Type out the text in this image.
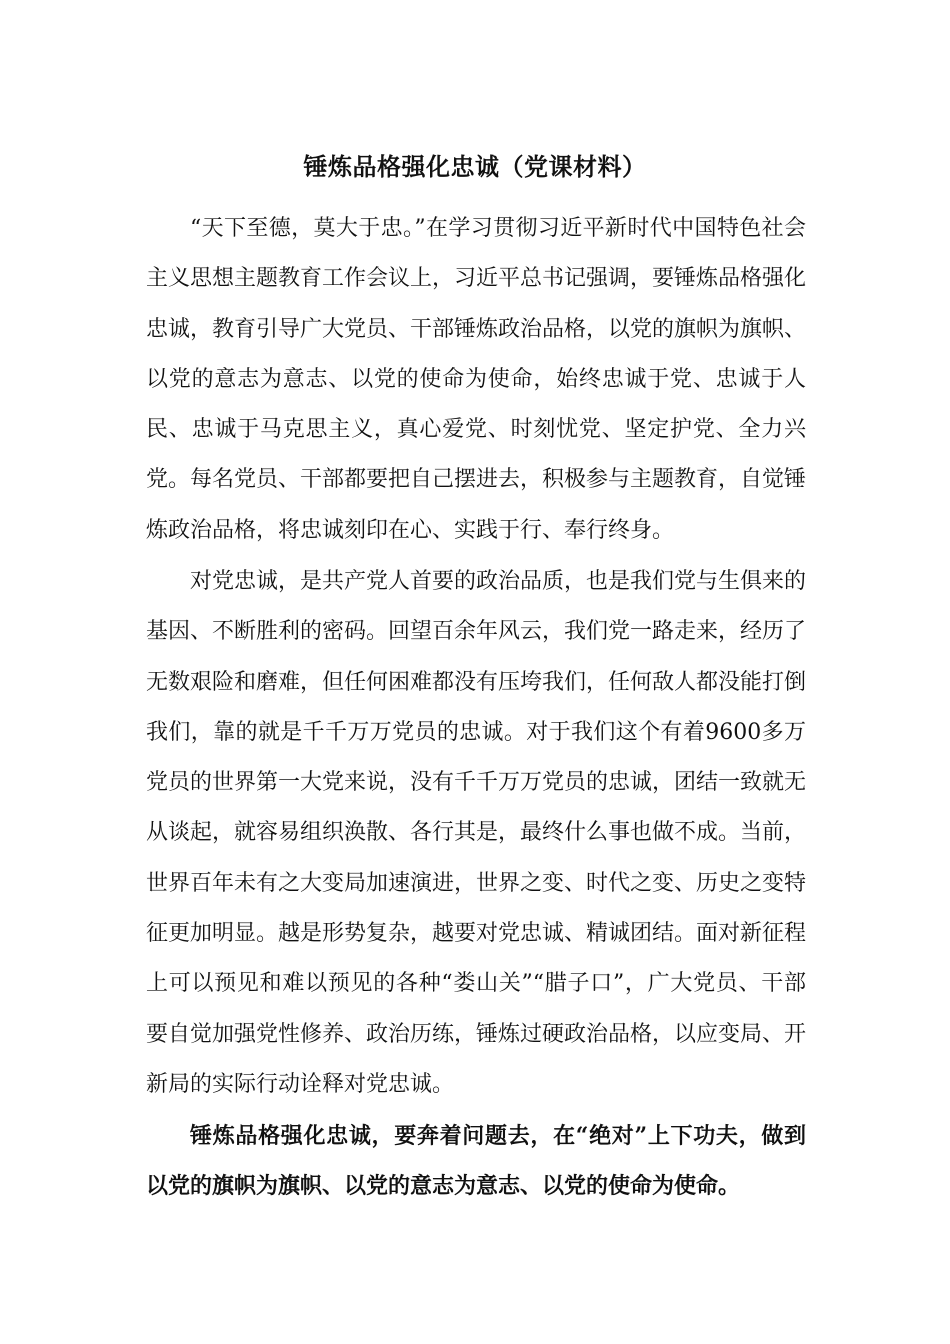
锤炼品格强化忠诚（党课材料）

“天下至德，莫大于忠。”在学习贯彻习近平新时代中国特色社会主义思想主题教育工作会议上，习近平总书记强调，要锤炼品格强化忠诚，教育引导广大党员、干部锤炼政治品格，以党的旗帜为旗帜、以党的意志为意志、以党的使命为使命，始终忠诚于党、忠诚于人民、忠诚于马克思主义，真心爱党、时刻忧党、坚定护党、全力兴党。每名党员、干部都要把自己摆进去，积极参与主题教育，自觉锤炼政治品格，将忠诚刻印在心、实践于行、奉行终身。

对党忠诚，是共产党人首要的政治品质，也是我们党与生俱来的基因、不断胜利的密码。回望百余年风云，我们党一路走来，经历了无数艰险和磨难，但任何困难都没有压垮我们，任何敌人都没能打倒我们，靠的就是千千万万党员的忠诚。对于我们这个有着9600多万党员的世界第一大党来说，没有千千万万党员的忠诚，团结一致就无从谈起，就容易组织涣散、各行其是，最终什么事也做不成。当前，世界百年未有之大变局加速演进，世界之变、时代之变、历史之变特征更加明显。越是形势复杂，越要对党忠诚、精诚团结。面对新征程上可以预见和难以预见的各种“娄山关”“腊子口”，广大党员、干部要自觉加强党性修养、政治历练，锤炼过硬政治品格，以应变局、开新局的实际行动诠释对党忠诚。

锤炼品格强化忠诚，要奔着问题去，在“绝对”上下功夫，做到以党的旗帜为旗帜、以党的意志为意志、以党的使命为使命。
